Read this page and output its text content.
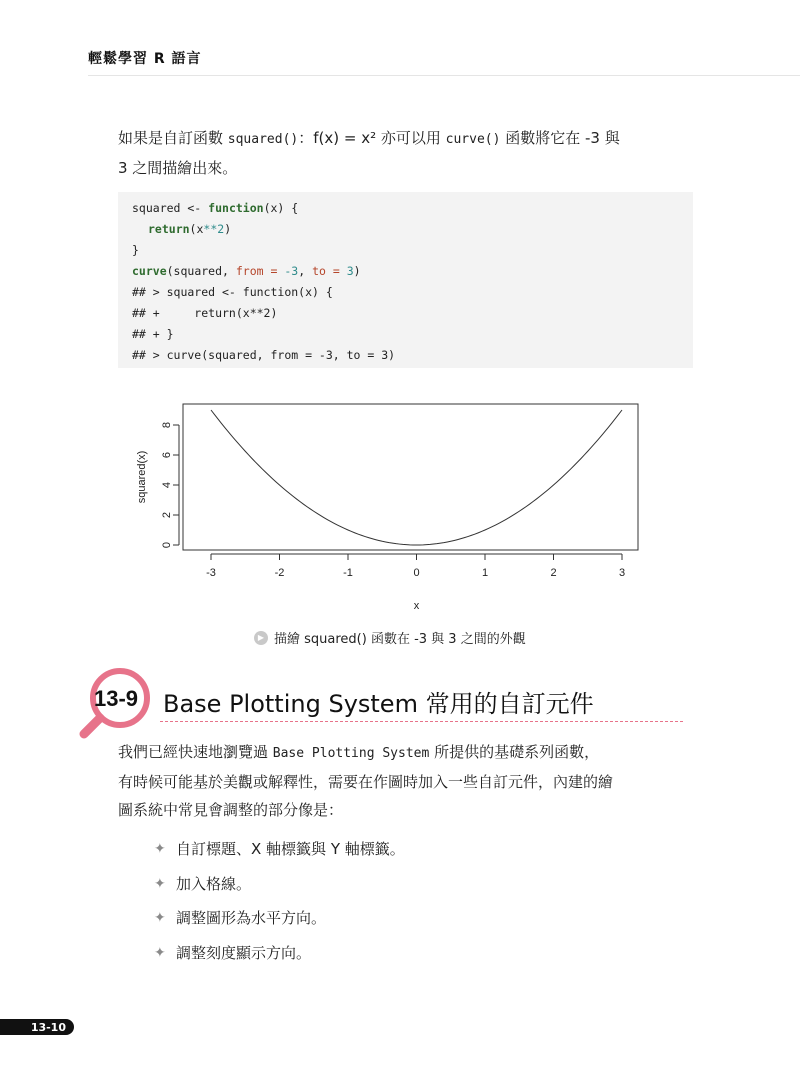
輕鬆學習 R 語言
如果是自訂函數 squared()：f(x) = x² 亦可以用 curve() 函數將它在 -3 與
3 之間描繪出來。
squared <- function(x) {
return(x**2)
}
curve(squared, from = -3, to = 3)
## > squared <- function(x) {
## +     return(x**2)
## + }
## > curve(squared, from = -3, to = 3)
-3	-2	-1	0	1	2	3
0
2
4
6
8
x
squared(x)
▶ 描繪 squared() 函數在 -3 與 3 之間的外觀
13-9 Base Plotting System 常用的自訂元件
我們已經快速地瀏覽過 Base Plotting System 所提供的基礎系列函數，
有時候可能基於美觀或解釋性，需要在作圖時加入一些自訂元件，內建的繪
圖系統中常見會調整的部分像是：
✦ 自訂標題、X 軸標籤與 Y 軸標籤。
✦ 加入格線。
✦ 調整圖形為水平方向。
✦ 調整刻度顯示方向。
13-10
